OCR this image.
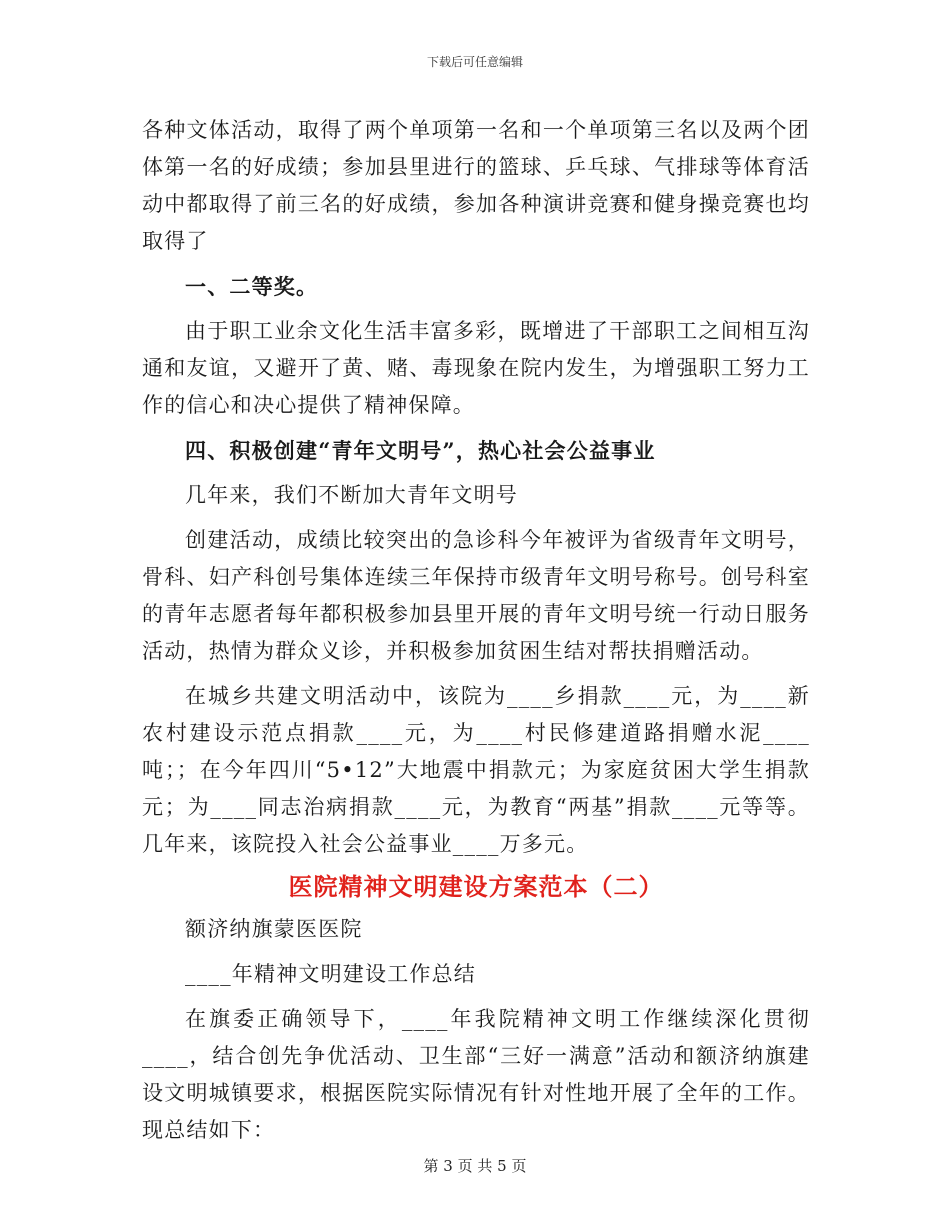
下载后可任意编辑

各种文体活动，取得了两个单项第一名和一个单项第三名以及两个团体第一名的好成绩；参加县里进行的篮球、乒乓球、气排球等体育活动中都取得了前三名的好成绩，参加各种演讲竞赛和健身操竞赛也均取得了

一、二等奖。

由于职工业余文化生活丰富多彩，既增进了干部职工之间相互沟通和友谊，又避开了黄、赌、毒现象在院内发生，为增强职工努力工作的信心和决心提供了精神保障。

四、积极创建“青年文明号”，热心社会公益事业

几年来，我们不断加大青年文明号

创建活动，成绩比较突出的急诊科今年被评为省级青年文明号，骨科、妇产科创号集体连续三年保持市级青年文明号称号。创号科室的青年志愿者每年都积极参加县里开展的青年文明号统一行动日服务活动，热情为群众义诊，并积极参加贫困生结对帮扶捐赠活动。

在城乡共建文明活动中，该院为____乡捐款____元，为____新农村建设示范点捐款____元，为____村民修建道路捐赠水泥____吨；；在今年四川“5•12”大地震中捐款元；为家庭贫困大学生捐款元；为____同志治病捐款____元，为教育“两基”捐款____元等等。几年来，该院投入社会公益事业____万多元。

医院精神文明建设方案范本（二）

额济纳旗蒙医医院

____年精神文明建设工作总结

在旗委正确领导下，____年我院精神文明工作继续深化贯彻____，结合创先争优活动、卫生部“三好一满意”活动和额济纳旗建设文明城镇要求，根据医院实际情况有针对性地开展了全年的工作。现总结如下：

第 3 页 共 5 页
